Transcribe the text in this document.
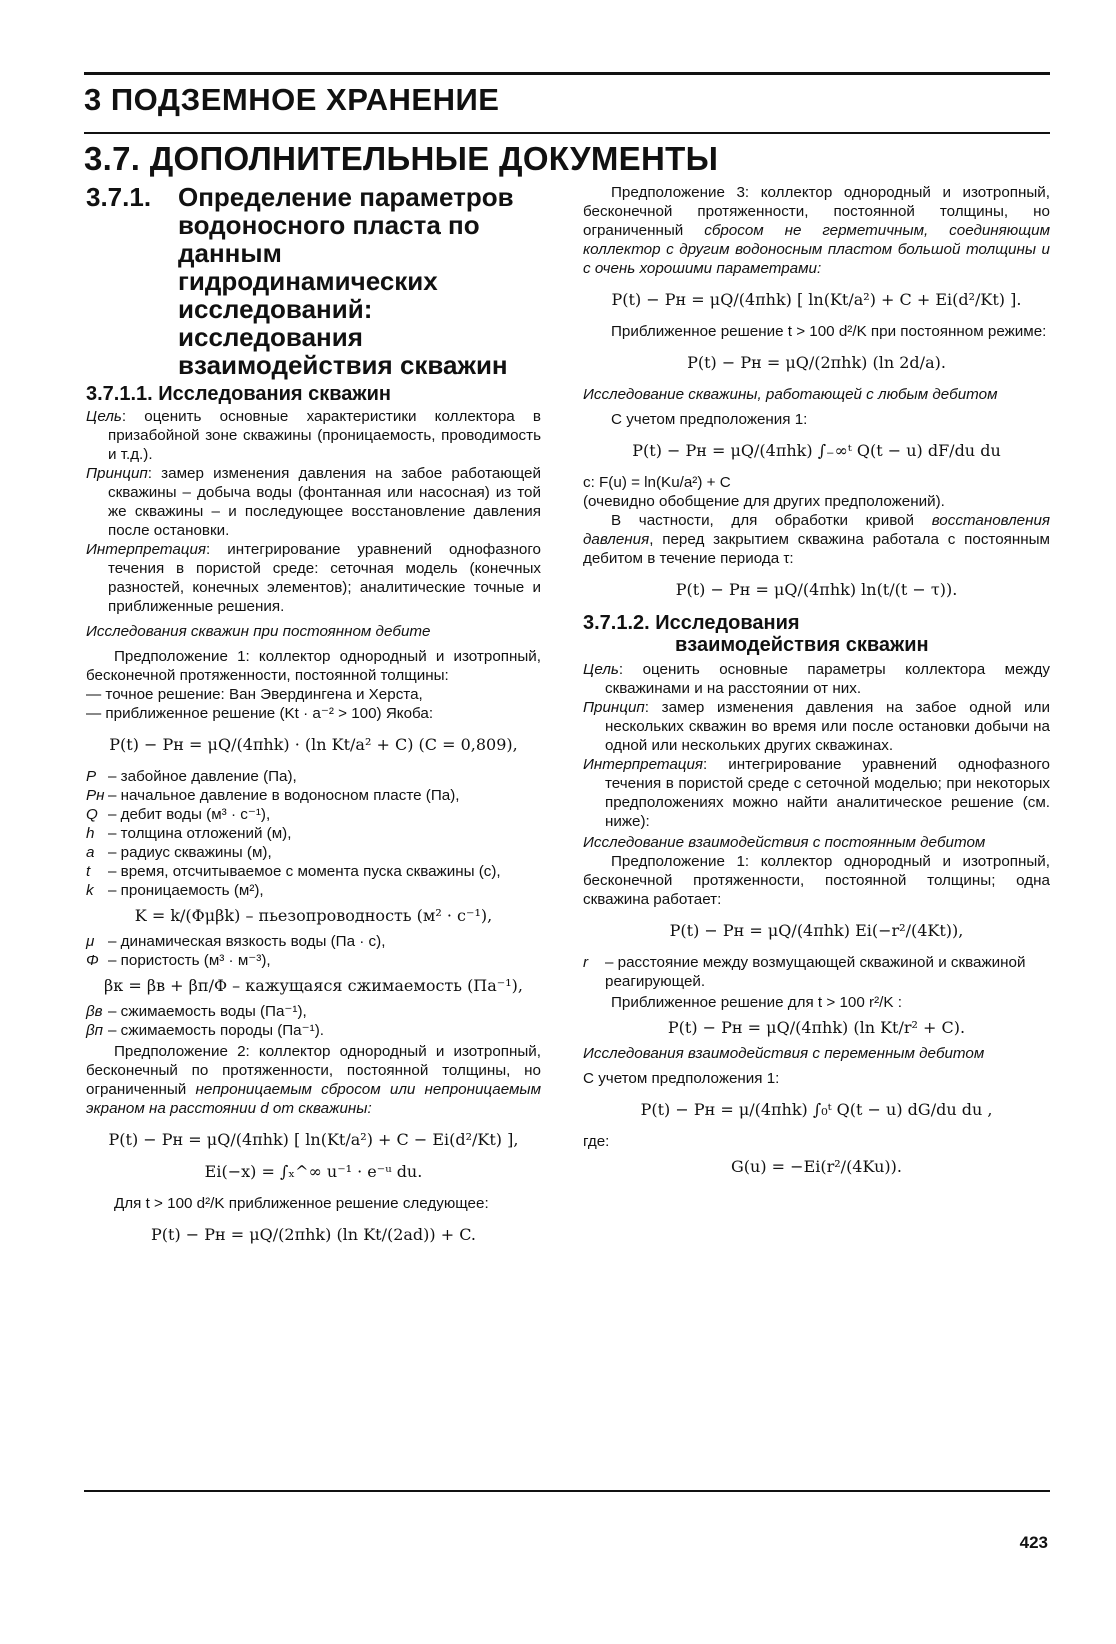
3 ПОДЗЕМНОЕ ХРАНЕНИЕ
3.7. ДОПОЛНИТЕЛЬНЫЕ ДОКУМЕНТЫ
3.7.1. Определение параметров водоносного пласта по данным гидродинамических исследований: исследования взаимодействия скважин
3.7.1.1. Исследования скважин

Цель: оценить основные характеристики коллектора в призабойной зоне скважины (проницаемость, проводимость и т.д.).

Принцип: замер изменения давления на забое работающей скважины – добыча воды (фонтанная или насосная) из той же скважины – и последующее восстановление давления после остановки.

Интерпретация: интегрирование уравнений однофазного течения в пористой среде: сеточная модель (конечных разностей, конечных элементов); аналитические точные и приближенные решения.

Исследования скважин при постоянном дебите

Предположение 1: коллектор однородный и изотропный, бесконечной протяженности, постоянной толщины:

— точное решение: Ван Эвердингена и Херста,
— приближенное решение (Kt · a⁻² > 100) Якоба:
P(t) − Pн = μQ/(4πhk) · (ln Kt/a² + C) (C = 0,809),
P – забойное давление (Па),
Pн – начальное давление в водоносном пласте (Па),
Q – дебит воды (м³ · с⁻¹),
h – толщина отложений (м),
a – радиус скважины (м),
t	– время, отсчитываемое с момента пуска скважины (с),
k – проницаемость (м²),
K = k/(Φμβk) – пьезопроводность (м² · с⁻¹),
μ – динамическая вязкость воды (Па · с),
Φ – пористость (м³ · м⁻³),
βк = βв + βп/Φ – кажущаяся сжимаемость (Па⁻¹),
βв – сжимаемость воды (Па⁻¹),
βп – сжимаемость породы (Па⁻¹).

Предположение 2: коллектор однородный и изотропный, бесконечный по протяженности, постоянной толщины, но ограниченный непроницаемым сбросом или непроницаемым экраном на расстоянии d от скважины:

P(t) − Pн = μQ/(4πhk) [ ln(Kt/a²) + C − Ei(d²/Kt) ],
Ei(−x) = ∫ₓ^∞ u⁻¹ · e⁻ᵘ du.

Для t > 100 d²/K приближенное решение следующее:

P(t) − Pн = μQ/(2πhk) (ln Kt/(2ad)) + C.

Предположение 3: коллектор однородный и изотропный, бесконечной протяженности, постоянной толщины, но ограниченный сбросом не герметичным, соединяющим коллектор с другим водоносным пластом большой толщины и с очень хорошими параметрами:

P(t) − Pн = μQ/(4πhk) [ ln(Kt/a²) + C + Ei(d²/Kt) ].

Приближенное решение t > 100 d²/K при постоянном режиме:

P(t) − Pн = μQ/(2πhk) (ln 2d/a).

Исследование скважины, работающей с любым дебитом

С учетом предположения 1:

P(t) − Pн = μQ/(4πhk) ∫₋∞ᵗ Q(t − u) dF/du du

с: F(u) = ln(Ku/a²) + C

(очевидно обобщение для других предположений).

В частности, для обработки кривой восстановления давления, перед закрытием скважина работала с постоянным дебитом в течение периода τ:

P(t) − Pн = μQ/(4πhk) ln(t/(t − τ)).
3.7.1.2. Исследования
взаимодействия скважин

Цель: оценить основные параметры коллектора между скважинами и на расстоянии от них.

Принцип: замер изменения давления на забое одной или нескольких скважин во время или после остановки добычи на одной или нескольких других скважинах.

Интерпретация: интегрирование уравнений однофазного течения в пористой среде с сеточной моделью; при некоторых предположениях можно найти аналитическое решение (см. ниже):

Исследование взаимодействия с постоянным дебитом

Предположение 1: коллектор однородный и изотропный, бесконечной протяженности, постоянной толщины; одна скважина работает:

P(t) − Pн = μQ/(4πhk) Ei(−r²/(4Kt)),
r	– расстояние между возмущающей скважиной и скважиной реагирующей.

Приближенное решение для t > 100 r²/K :

P(t) − Pн = μQ/(4πhk) (ln Kt/r² + C).

Исследования взаимодействия с переменным дебитом

С учетом предположения 1:

P(t) − Pн = μ/(4πhk) ∫₀ᵗ Q(t − u) dG/du du ,

где:

G(u) = −Ei(r²/(4Ku)).
423
